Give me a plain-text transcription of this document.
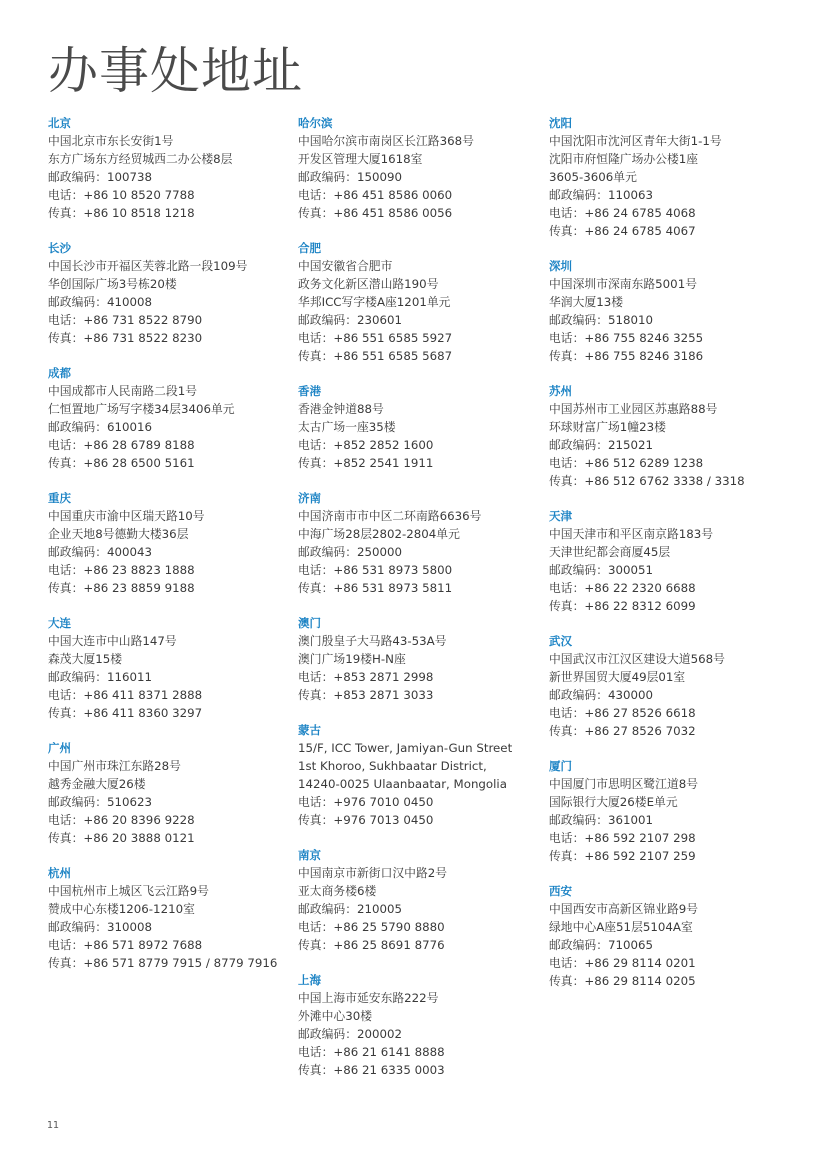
办事处地址
北京
中国北京市东长安街1号
东方广场东方经贸城西二办公楼8层
邮政编码：100738
电话：+86 10 8520 7788
传真：+86 10 8518 1218
长沙
中国长沙市开福区芙蓉北路一段109号
华创国际广场3号栋20楼
邮政编码：410008
电话：+86 731 8522 8790
传真：+86 731 8522 8230
成都
中国成都市人民南路二段1号
仁恒置地广场写字楼34层3406单元
邮政编码：610016
电话：+86 28 6789 8188
传真：+86 28 6500 5161
重庆
中国重庆市渝中区瑞天路10号
企业天地8号德勤大楼36层
邮政编码：400043
电话：+86 23 8823 1888
传真：+86 23 8859 9188
大连
中国大连市中山路147号
森茂大厦15楼
邮政编码：116011
电话：+86 411 8371 2888
传真：+86 411 8360 3297
广州
中国广州市珠江东路28号
越秀金融大厦26楼
邮政编码：510623
电话：+86 20 8396 9228
传真：+86 20 3888 0121
杭州
中国杭州市上城区飞云江路9号
赞成中心东楼1206-1210室
邮政编码：310008
电话：+86 571 8972 7688
传真：+86 571 8779 7915 / 8779 7916
哈尔滨
中国哈尔滨市南岗区长江路368号
开发区管理大厦1618室
邮政编码：150090
电话：+86 451 8586 0060
传真：+86 451 8586 0056
合肥
中国安徽省合肥市
政务文化新区潜山路190号
华邦ICC写字楼A座1201单元
邮政编码：230601
电话：+86 551 6585 5927
传真：+86 551 6585 5687
香港
香港金钟道88号
太古广场一座35楼
电话：+852 2852 1600
传真：+852 2541 1911
济南
中国济南市市中区二环南路6636号
中海广场28层2802-2804单元
邮政编码：250000
电话：+86 531 8973 5800
传真：+86 531 8973 5811
澳门
澳门殷皇子大马路43-53A号
澳门广场19楼H-N座
电话：+853 2871 2998
传真：+853 2871 3033
蒙古
15/F, ICC Tower, Jamiyan-Gun Street
1st Khoroo, Sukhbaatar District,
14240-0025 Ulaanbaatar, Mongolia
电话：+976 7010 0450
传真：+976 7013 0450
南京
中国南京市新街口汉中路2号
亚太商务楼6楼
邮政编码：210005
电话：+86 25 5790 8880
传真：+86 25 8691 8776
上海
中国上海市延安东路222号
外滩中心30楼
邮政编码：200002
电话：+86 21 6141 8888
传真：+86 21 6335 0003
沈阳
中国沈阳市沈河区青年大街1-1号
沈阳市府恒隆广场办公楼1座
3605-3606单元
邮政编码：110063
电话：+86 24 6785 4068
传真：+86 24 6785 4067
深圳
中国深圳市深南东路5001号
华润大厦13楼
邮政编码：518010
电话：+86 755 8246 3255
传真：+86 755 8246 3186
苏州
中国苏州市工业园区苏惠路88号
环球财富广场1幢23楼
邮政编码：215021
电话：+86 512 6289 1238
传真：+86 512 6762 3338 / 3318
天津
中国天津市和平区南京路183号
天津世纪都会商厦45层
邮政编码：300051
电话：+86 22 2320 6688
传真：+86 22 8312 6099
武汉
中国武汉市江汉区建设大道568号
新世界国贸大厦49层01室
邮政编码：430000
电话：+86 27 8526 6618
传真：+86 27 8526 7032
厦门
中国厦门市思明区鹭江道8号
国际银行大厦26楼E单元
邮政编码：361001
电话：+86 592 2107 298
传真：+86 592 2107 259
西安
中国西安市高新区锦业路9号
绿地中心A座51层5104A室
邮政编码：710065
电话：+86 29 8114 0201
传真：+86 29 8114 0205
11
